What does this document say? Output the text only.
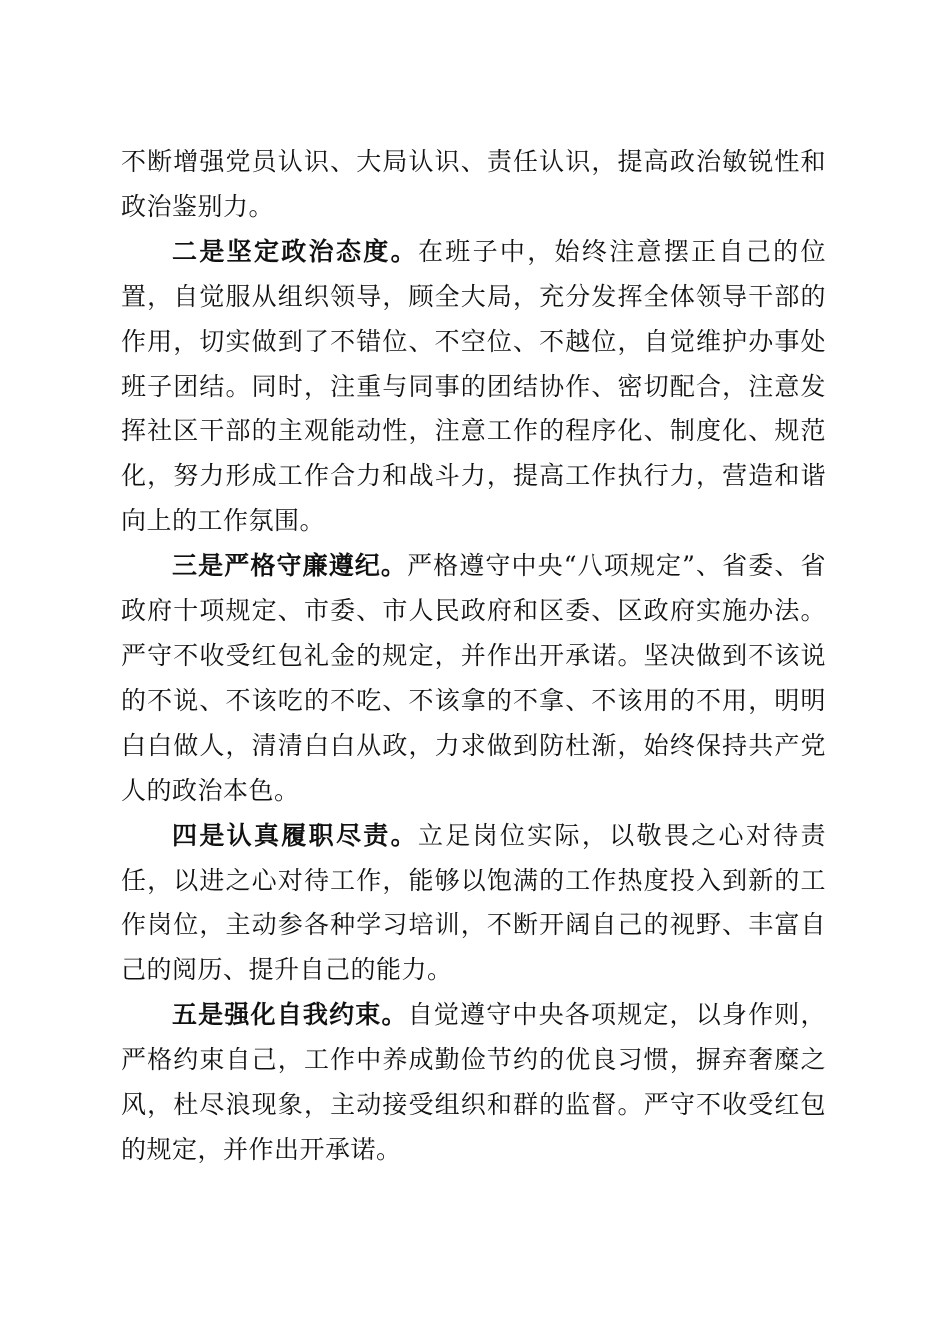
不断增强党员认识、大局认识、责任认识，提高政治敏锐性和政治鉴别力。

二是坚定政治态度。在班子中，始终注意摆正自己的位置，自觉服从组织领导，顾全大局，充分发挥全体领导干部的作用，切实做到了不错位、不空位、不越位，自觉维护办事处班子团结。同时，注重与同事的团结协作、密切配合，注意发挥社区干部的主观能动性，注意工作的程序化、制度化、规范化，努力形成工作合力和战斗力，提高工作执行力，营造和谐向上的工作氛围。

三是严格守廉遵纪。严格遵守中央“八项规定”、省委、省政府十项规定、市委、市人民政府和区委、区政府实施办法。严守不收受红包礼金的规定，并作出开承诺。坚决做到不该说的不说、不该吃的不吃、不该拿的不拿、不该用的不用，明明白白做人，清清白白从政，力求做到防杜渐，始终保持共产党人的政治本色。

四是认真履职尽责。立足岗位实际，以敬畏之心对待责任，以进之心对待工作，能够以饱满的工作热度投入到新的工作岗位，主动参各种学习培训，不断开阔自己的视野、丰富自己的阅历、提升自己的能力。

五是强化自我约束。自觉遵守中央各项规定，以身作则，严格约束自己，工作中养成勤俭节约的优良习惯，摒弃奢糜之风，杜尽浪现象，主动接受组织和群的监督。严守不收受红包的规定，并作出开承诺。
